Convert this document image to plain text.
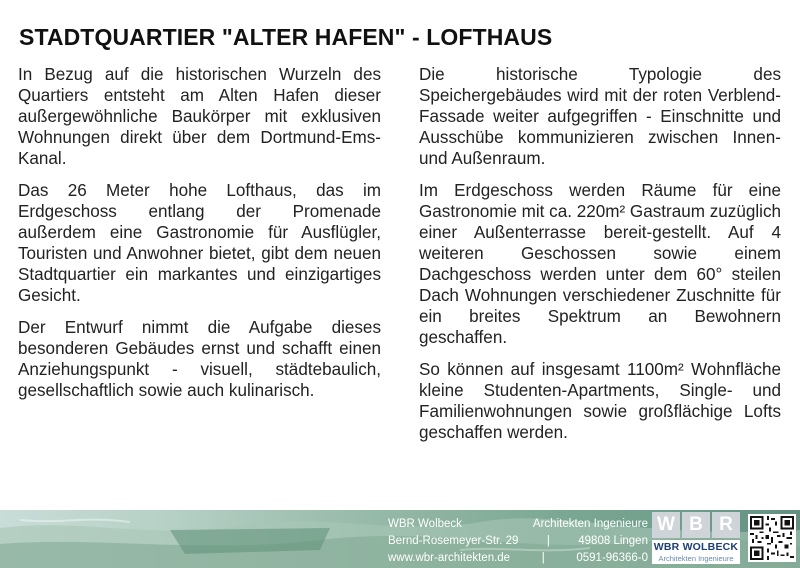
STADTQUARTIER "ALTER HAFEN" - LOFTHAUS

In Bezug auf die historischen Wurzeln des Quartiers entsteht am Alten Hafen dieser außergewöhnliche Baukörper mit exklusiven Wohnungen direkt über dem Dortmund-Ems- Kanal.

Das 26 Meter hohe Lofthaus, das im Erdgeschoss entlang der Promenade außerdem eine Gastronomie für Ausflügler, Touristen und Anwohner bietet, gibt dem neuen Stadtquartier ein markantes und einzigartiges Gesicht.

Der Entwurf nimmt die Aufgabe dieses besonderen Gebäudes ernst und schafft einen Anziehungspunkt - visuell, städtebaulich, gesellschaftlich sowie auch kulinarisch.

Die historische Typologie des Speichergebäudes wird mit der roten Verblend-Fassade weiter aufgegriffen - Einschnitte und Ausschübe kommunizieren zwischen Innen- und Außenraum.

Im Erdgeschoss werden Räume für eine Gastronomie mit ca. 220m² Gastraum zuzüglich einer Außenterrasse bereit-gestellt. Auf 4 weiteren Geschossen sowie einem Dachgeschoss werden unter dem 60° steilen Dach Wohnungen verschiedener Zuschnitte für ein breites Spektrum an Bewohnern geschaffen.

So können auf insgesamt 1100m² Wohnfläche kleine Studenten-Apartments, Single- und Familienwohnungen sowie großflächige Lofts geschaffen werden.

WBR Wolbeck	Architekten Ingenieure
Bernd-Rosemeyer-Str. 29 | 49808 Lingen
www.wbr-architekten.de	|	0591-96366-0
W B R
WBR WOLBECK
Architekten Ingenieure
